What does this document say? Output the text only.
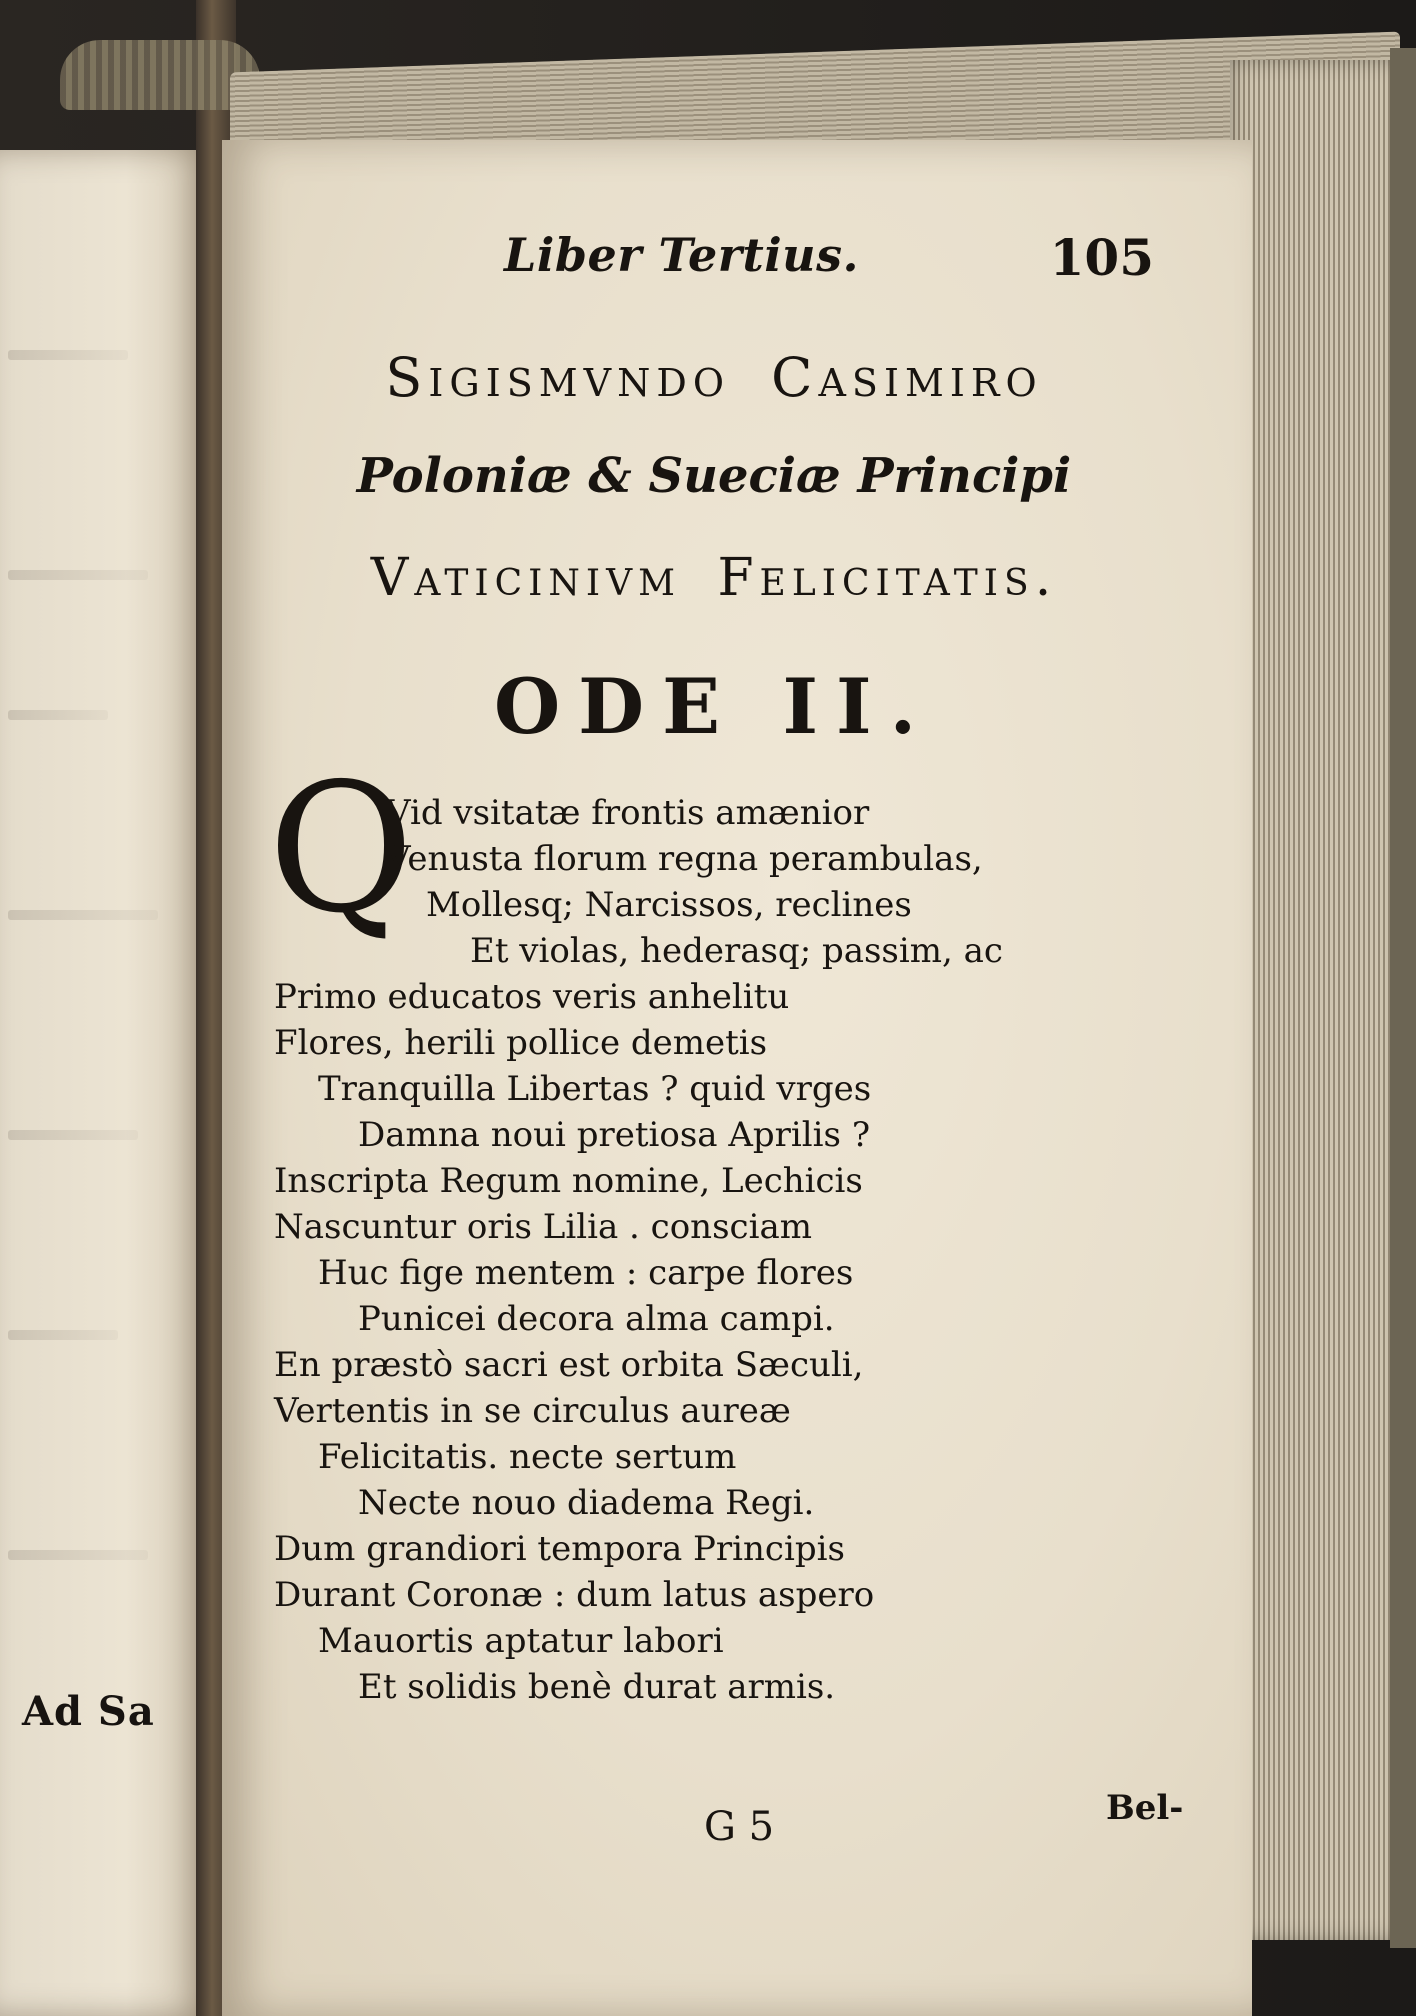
Ad Sa
Liber Tertius.	105
Sigismvndo Casimiro
Poloniæ & Sueciæ Principi
Vaticinivm Felicitatis.
ODE II.
Q
Vid vsitatæ frontis amænior
Venusta florum regna perambulas,
Mollesq; Narcissos, reclines
Et violas, hederasq; passim, ac
Primo educatos veris anhelitu
Flores, herili pollice demetis
Tranquilla Libertas ? quid vrges
Damna noui pretiosa Aprilis ?
Inscripta Regum nomine, Lechicis
Nascuntur oris Lilia . consciam
Huc fige mentem : carpe flores
Punicei decora alma campi.
En præstò sacri est orbita Sæculi,
Vertentis in se circulus aureæ
Felicitatis. necte sertum
Necte nouo diadema Regi.
Dum grandiori tempora Principis
Durant Coronæ : dum latus aspero
Mauortis aptatur labori
Et solidis benè durat armis.
G 5	Bel-
